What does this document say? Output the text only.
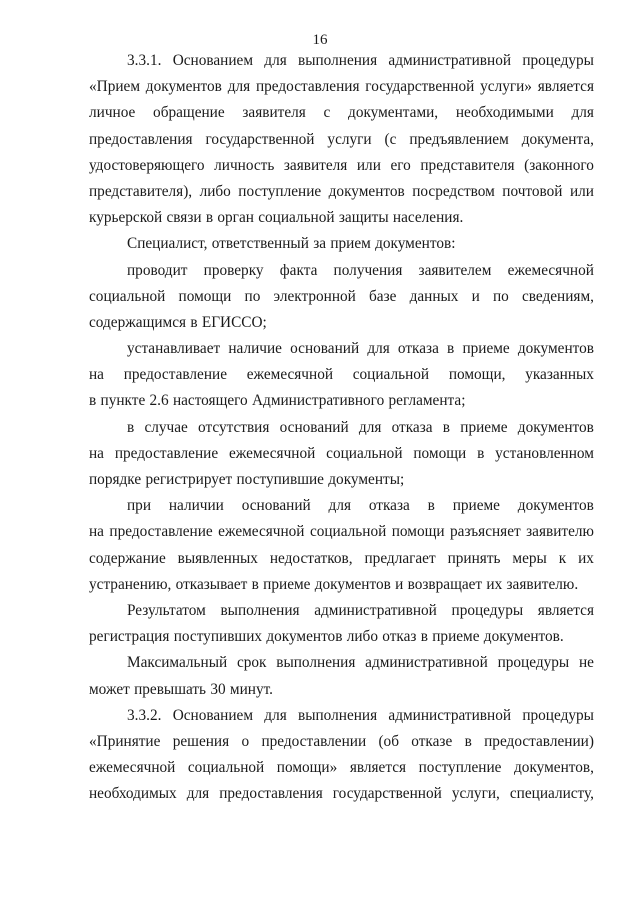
16
3.3.1. Основанием для выполнения административной процедуры
«Прием документов для предоставления государственной услуги» является
личное обращение заявителя с документами, необходимыми для
предоставления государственной услуги (с предъявлением документа,
удостоверяющего личность заявителя или его представителя (законного
представителя), либо поступление документов посредством почтовой или
курьерской связи в орган социальной защиты населения.
Специалист, ответственный за прием документов:
проводит проверку факта получения заявителем ежемесячной
социальной помощи по электронной базе данных и по сведениям,
содержащимся в ЕГИССО;
устанавливает наличие оснований для отказа в приеме документов
на предоставление ежемесячной социальной помощи, указанных
в пункте 2.6 настоящего Административного регламента;
в случае отсутствия оснований для отказа в приеме документов
на предоставление ежемесячной социальной помощи в установленном
порядке регистрирует поступившие документы;
при наличии оснований для отказа в приеме документов
на предоставление ежемесячной социальной помощи разъясняет заявителю
содержание выявленных недостатков, предлагает принять меры к их
устранению, отказывает в приеме документов и возвращает их заявителю.
Результатом выполнения административной процедуры является
регистрация поступивших документов либо отказ в приеме документов.
Максимальный срок выполнения административной процедуры не
может превышать 30 минут.
3.3.2. Основанием для выполнения административной процедуры
«Принятие решения о предоставлении (об отказе в предоставлении)
ежемесячной социальной помощи» является поступление документов,
необходимых для предоставления государственной услуги, специалисту,
